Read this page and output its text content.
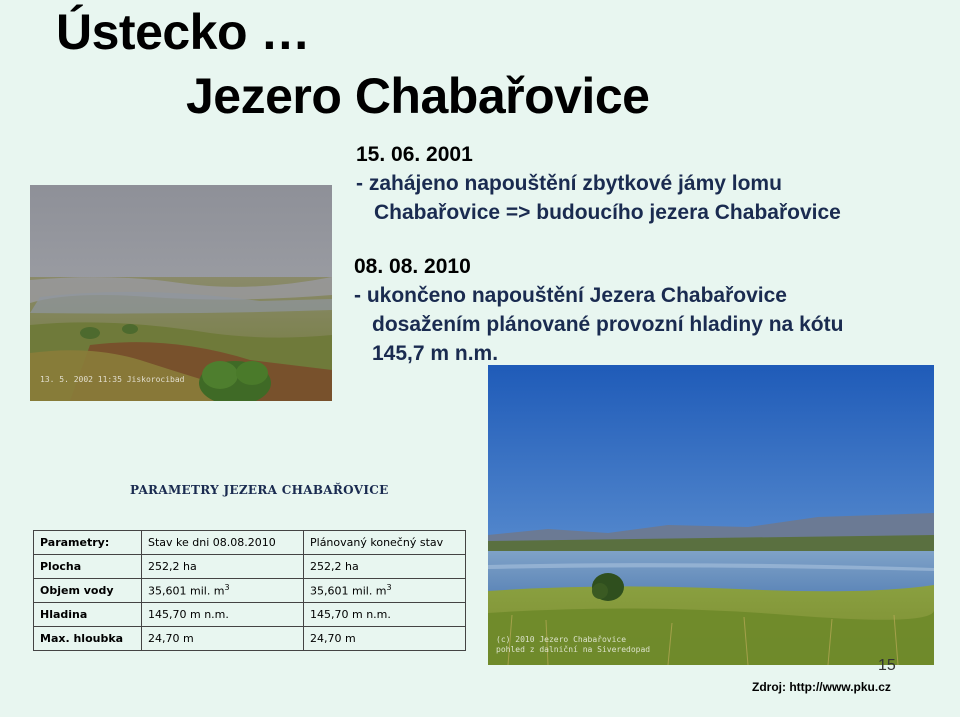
Ústecko …
Jezero Chabařovice
15. 06. 2001
- zahájeno napouštění zbytkové jámy lomu

Chabařovice => budoucího jezera Chabařovice
08. 08. 2010
- ukončeno napouštění Jezera Chabařovice

dosažením plánované provozní hladiny na kótu
145,7 m n.m.
13. 5. 2002 11:35 Jiskorocibad
(c) 2010 Jezero Chabařovice
pohled z dalniční na Siveredopad
PARAMETRY JEZERA CHABAŘOVICE
Parametry:	Stav ke dni 08.08.2010	Plánovaný konečný stav
Plocha	252,2 ha	252,2 ha
Objem vody	35,601 mil. $m^3$	35,601 mil. $m^3$
Hladina	145,70 m n.m.	145,70 m n.m.
Max. hloubka	24,70 m	24,70 m
15
Zdroj: http://www.pku.cz
